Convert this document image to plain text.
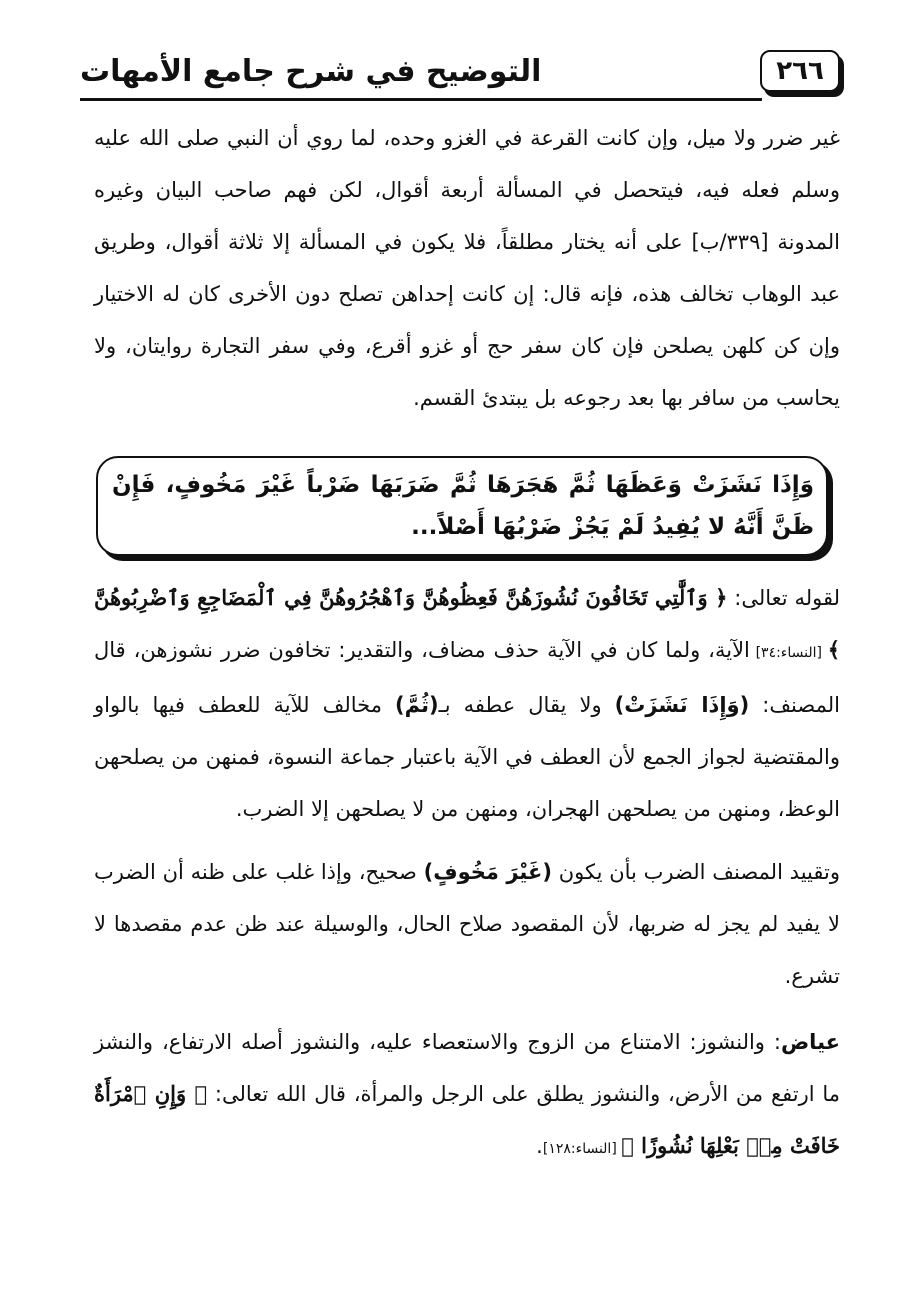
٢٦٦
التوضيح في شرح جامع الأمهات
غير ضرر ولا ميل، وإن كانت القرعة في الغزو وحده، لما روي أن النبي صلى الله عليه وسلم فعله فيه، فيتحصل في المسألة أربعة أقوال، لكن فهم صاحب البيان وغيره المدونة [٣٣٩/ب] على أنه يختار مطلقاً، فلا يكون في المسألة إلا ثلاثة أقوال، وطريق عبد الوهاب تخالف هذه، فإنه قال: إن كانت إحداهن تصلح دون الأخرى كان له الاختيار وإن كن كلهن يصلحن فإن كان سفر حج أو غزو أقرع، وفي سفر التجارة روايتان، ولا يحاسب من سافر بها بعد رجوعه بل يبتدئ القسم.
وَإِذَا نَشَزَتْ وَعَظَهَا ثُمَّ هَجَرَهَا ثُمَّ ضَرَبَهَا ضَرْباً غَيْرَ مَخُوفٍ، فَإِنْ ظَنَّ أَنَّهُ لا يُفِيدُ لَمْ يَجُزْ ضَرْبُهَا أَصْلاً...
لقوله تعالى: ﴿ وَٱلَّٰتِي تَخَافُونَ نُشُوزَهُنَّ فَعِظُوهُنَّ وَٱهْجُرُوهُنَّ فِي ٱلْمَضَاجِعِ وَٱضْرِبُوهُنَّ ﴾ [النساء:٣٤] الآية، ولما كان في الآية حذف مضاف، والتقدير: تخافون ضرر نشوزهن، قال المصنف: (وَإِذَا نَشَزَتْ) ولا يقال عطفه بـ(ثُمَّ) مخالف للآية للعطف فيها بالواو والمقتضية لجواز الجمع لأن العطف في الآية باعتبار جماعة النسوة، فمنهن من يصلحهن الوعظ، ومنهن من يصلحهن الهجران، ومنهن من لا يصلحهن إلا الضرب.
وتقييد المصنف الضرب بأن يكون (غَيْرَ مَخُوفٍ) صحيح، وإذا غلب على ظنه أن الضرب لا يفيد لم يجز له ضربها، لأن المقصود صلاح الحال، والوسيلة عند ظن عدم مقصدها لا تشرع.
عياض: والنشوز: الامتناع من الزوج والاستعصاء عليه، والنشوز أصله الارتفاع، والنشز ما ارتفع من الأرض، والنشوز يطلق على الرجل والمرأة، قال الله تعالى: ﴿ وَإِنِ ٱمْرَأَةٌ خَافَتْ مِنۢ بَعْلِهَا نُشُوزًا ﴾ [النساء:١٢٨].
